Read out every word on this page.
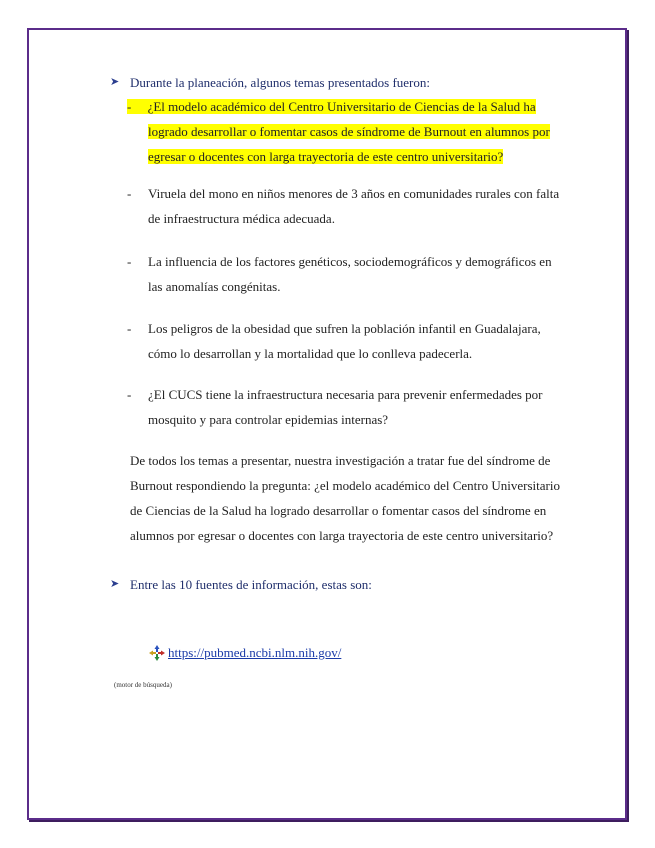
➤ Durante la planeación, algunos temas presentados fueron:
- ¿El modelo académico del Centro Universitario de Ciencias de la Salud ha
logrado desarrollar o fomentar casos de síndrome de Burnout en alumnos por
egresar o docentes con larga trayectoria de este centro universitario?
-	Viruela del mono en niños menores de 3 años en comunidades rurales con falta
de infraestructura médica adecuada.
-	La influencia de los factores genéticos, sociodemográficos y demográficos en
las anomalías congénitas.
-	Los peligros de la obesidad que sufren la población infantil en Guadalajara,
cómo lo desarrollan y la mortalidad que lo conlleva padecerla.
-	¿El CUCS tiene la infraestructura necesaria para prevenir enfermedades por
mosquito y para controlar epidemias internas?
De todos los temas a presentar, nuestra investigación a tratar fue del síndrome de
Burnout respondiendo la pregunta: ¿el modelo académico del Centro Universitario
de Ciencias de la Salud ha logrado desarrollar o fomentar casos del síndrome en
alumnos por egresar o docentes con larga trayectoria de este centro universitario?
➤ Entre las 10 fuentes de información, estas son:
https://pubmed.ncbi.nlm.nih.gov/
(motor de búsqueda)
